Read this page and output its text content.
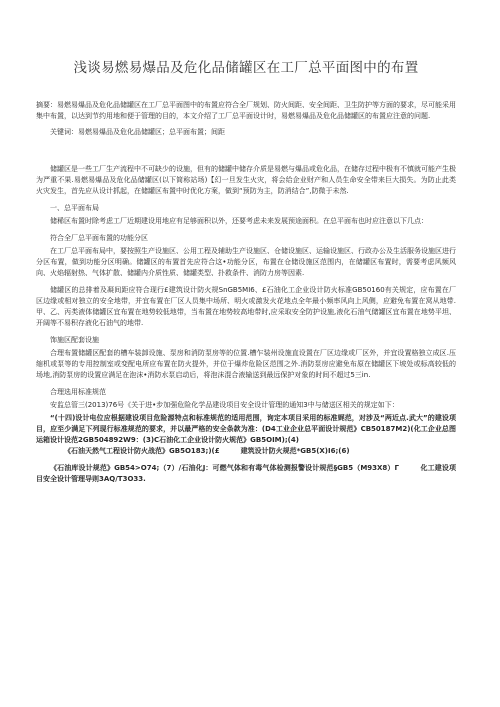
浅谈易燃易爆品及危化品储罐区在工厂总平面图中的布置

摘要：易燃易爆品及危化品储罐区在工厂总平面图中的布置应符合全厂规划、防火间距、安全间距、卫生防护等方面的要求，尽可能采用集中布置，以达到节约用地和便于管理的目的，本文介绍了工厂总平面设计时，易燃易爆品及危化品储罐区的布置应注意的问题.

关键词：易燃易爆品及危化品储罐区；总平面布置；间距

储罐区是一些工厂生产流程中不可缺少的设施，但有的储罐中储存介质是易燃与爆品或危化品，在储存过程中极有不慎就可能产生极为严重不果.易燃易爆品及危化品储罐区(以下简称站场)【幻一旦发生火灾，将会给企业财产和人员生命安全带来巨大损失。为防止此类火灾发生，首先应从设计抓起，在储罐区布置中时优化方案，做到“预防为主，防消结合”,防微于未然.

一、总平面布局

储稀区布置时除考虑工厂近期建设用地应有足够面积以外，还要考虑未来发展预途面积。在总平面布也时应注意以下几点：

符合全厂总平面布置的功能分区

在工厂总平面布局中，要按照生产设施区、公用工程及辅助生产设施区、仓储设施区、运输设施区、行政办公及生活服务设施区进行分区布置，做到功能分区明确。储罐区的布置首先应符合这•功能分区，布置在仓储设施区范围内，在储罐区布置时，需要考虑风频风向、火焰辐射热、气体扩散、储罐内介质性质、储罐类型、扑救条件、消防力房等因素.

储罐区的总排着及凝间距应符合现行£建筑设计防火规SnGB5MI6、£石油化工企业设计防火标准GB50160有关规定，应布置在厂区边缘或相对独立的安全地带，并宜布置在厂区人员集中场所、明火或激发火花地点全年最小频率风向上风侧，应避免布置在窝从地带.甲、乙、丙类液体储罐区宜布置在地势较低地带，当布置在地势较高地带时,应采取安全防护设施,液化石油气储罐区宜布置在地势平坦、开阔等不易积存液化石油气的地带.

饰施区配套设施

合理布置储罐区配套的槽车装卸设施、泵房和消防泵房等的位置.槽乍装州设施直设置在厂区边缘或厂区外，并宜设置格独立成区.压缩机或泵等的专用控制室或变配电所应布置在防火提外，并位于爆炸危险区范围之外.消防泵房应避免布原在储罐区下坡处或标高较低的场地,消防泵房的设置应满足在泡沫•消防水泵启动后，将泡沫混合液输送到最远保护对象的时间不超过5三in.

合理选用标准规范

安监总管三(2013)76号《关于进•步加强危险化学品建设项目安全设计管理的通知3中与储送区相关的规定如下：

“(十四)设计电位应根据建设项目危险源特点和标准规范的适用范围，询定本项目采用的标准娓范，对涉及“两近点.武大”的建设项目，应至少满足下列现行标准规范的要求，并以最严格的安全条款为准：(D4工业企业总平面设计规范》CB50187M2)(化工企业总图运箱设计设范2GB504892W9：(3)C石油化工企业设计防火规范》GB5OIM);(4)

《石油天然气工程设计防火战范》GB5O183;)(£　　　	建筑设计防火规范*GB5(X)I6;(6)

《石油库设计规范》GB54>O74;（7）/石油化J：可燃气体和有毒气体检测报警设计规范§GB5（M93X8）Γ　　　化工建设项目安全设计管理导则3AQ/T3O33.
